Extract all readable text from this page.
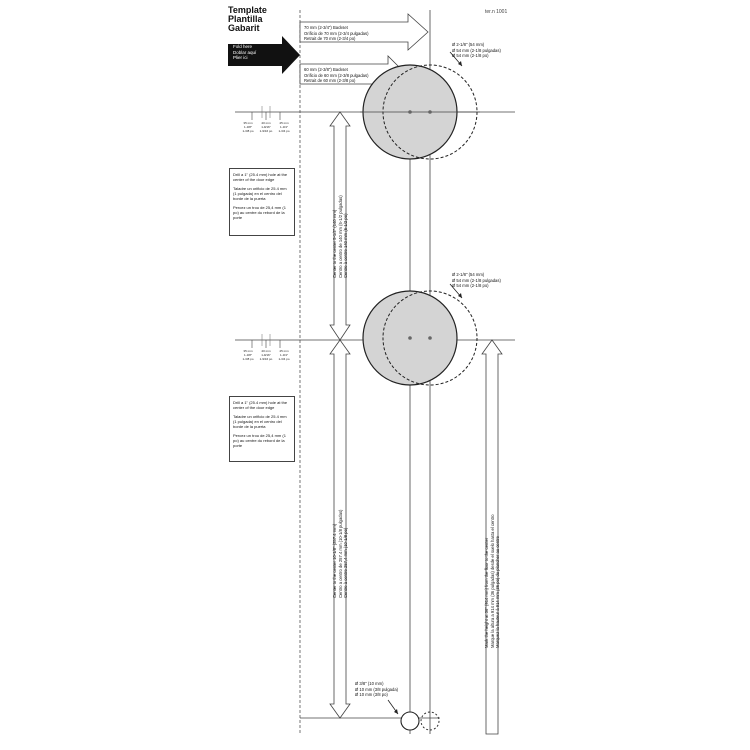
Template
Plantilla
Gabarit
ter.n 1001
Fold here
Doblar aquí
Plier ici
70 mm (2-3/4") Backset
Orificio de 70 mm (2-3/4 pulgadas)
Retrait de 70 mm (2-3/4 po)
60 mm (2-3/8") Backset
Orificio de 60 mm (2-3/8 pulgadas)
Retrait de 60 mm (2-3/8 po)
Ø 2-1/8" (54 mm)
Ø 54 mm (2-1/8 pulgadas)
Ø 54 mm (2-1/8 po)
Ø 2-1/8" (54 mm)
Ø 54 mm (2-1/8 pulgadas)
Ø 54 mm (2-1/8 po)
Ø 3/8" (10 mm)
Ø 10 mm (3/8 pulgada)
Ø 10 mm (3/8 po)
35 mm
1-3/8"
1-3/8 po
40 mm
1-9/16"
1-9/16 po
45 mm
1-3/4"
1-3/4 po
35 mm
1-3/8"
1-3/8 po
40 mm
1-9/16"
1-9/16 po
45 mm
1-3/4"
1-3/4 po

Drill a 1" (25.4 mm) hole at the center of the door edge

Taladre un orificio de 25.4 mm (1 pulgada) en el centro del borde de la puerta

Percez un trou de 25,4 mm (1 po) au centre du rebord de la porte

Drill a 1" (25.4 mm) hole at the center of the door edge

Taladre un orificio de 25.4 mm (1 pulgada) en el centro del borde de la puerta

Percez un trou de 25,4 mm (1 po) au centre du rebord de la porte

Center to the center 5-1/2" (140 mm) Centro a centro de 140 mm (5-1/2 pulgadas) Centre à centre 140 mm (5-1/2 po)
Center to the center 10-1/8" (257.4 mm) Centro a centro de 257.4 mm (10-1/8 pulgadas) Centre à centre 257,4 mm (10-1/8 po)	Mark the height at 36" (914 mm) from the floor to the center Marque la altura a 914 mm (36 pulgadas) desde el suelo hasta el centro Marquez la hauteur à 914 mm (36 po) du plancher au centre
